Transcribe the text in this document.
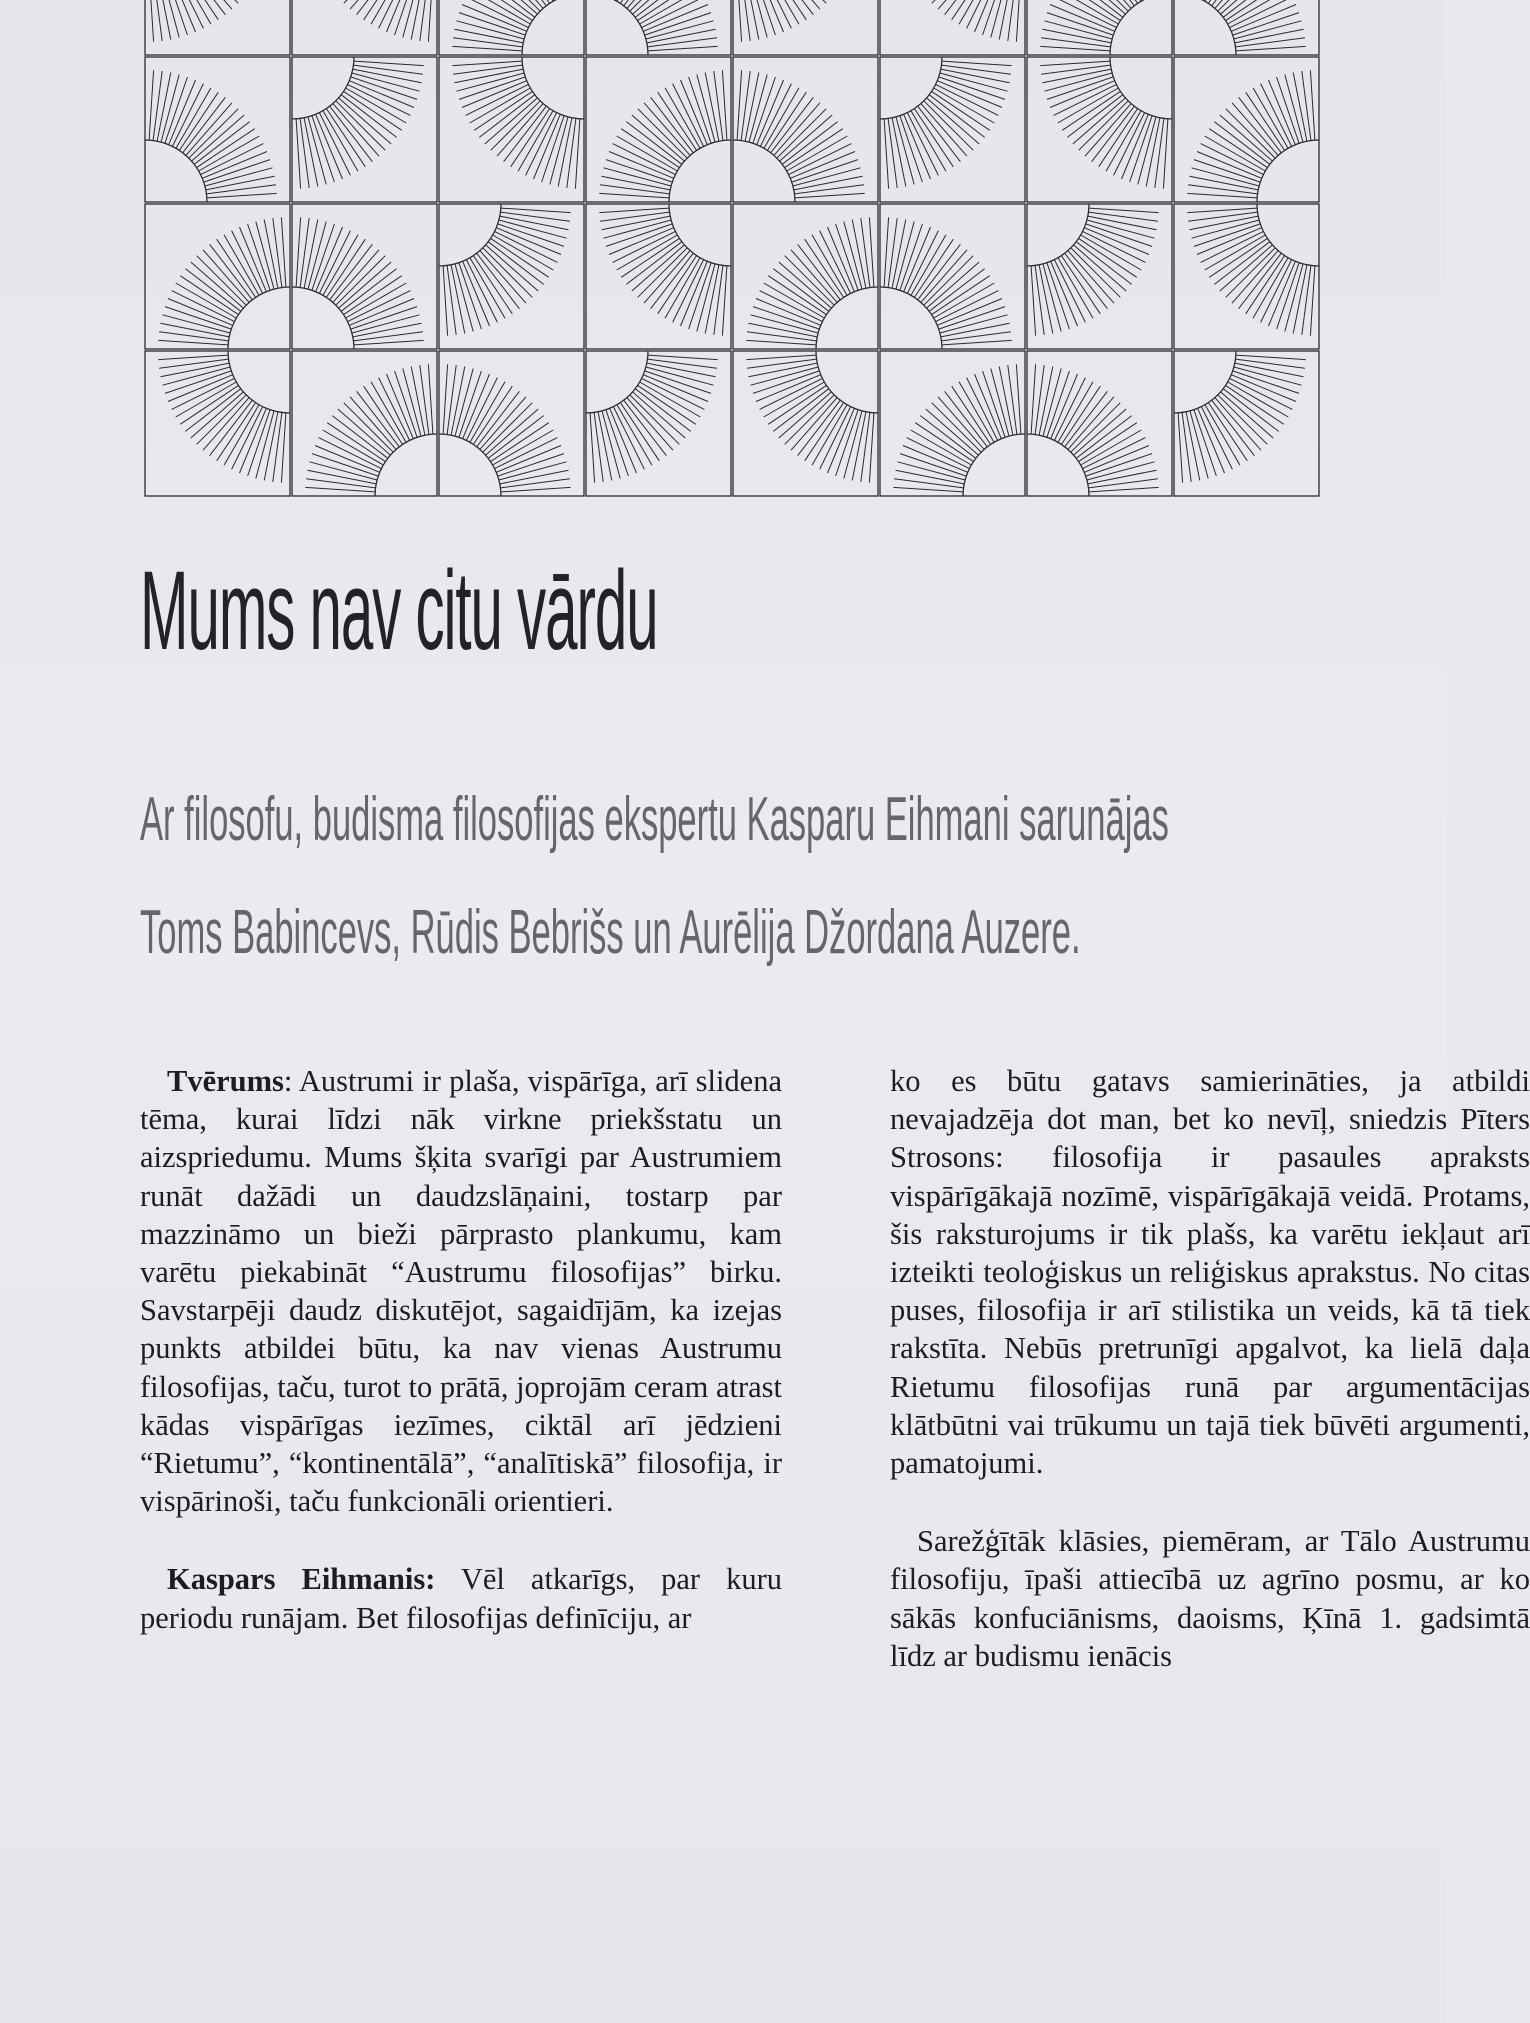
Mums nav citu vārdu
Ar filosofu, budisma filosofijas ekspertu Kasparu Eihmani sarunājas
Toms Babincevs, Rūdis Bebrišs un Aurēlija Džordana Auzere.

Tvērums: Austrumi ir plaša, vispārīga, arī slidena tēma, kurai līdzi nāk virkne priekšstatu un aizspriedumu. Mums šķita svarīgi par Austrumiem runāt dažādi un daudzslāņaini, tostarp par mazzināmo un bieži pārprasto plankumu, kam varētu piekabināt “Austrumu filosofijas” birku. Savstarpēji daudz diskutējot, sagaidījām, ka izejas punkts atbildei būtu, ka nav vienas Austrumu filosofijas, taču, turot to prātā, joprojām ceram atrast kādas vispārīgas iezīmes, ciktāl arī jēdzieni “Rietumu”, “kontinentālā”, “analītiskā” filosofija, ir vispārinoši, taču funkcionāli orientieri.

Kaspars Eihmanis: Vēl atkarīgs, par kuru periodu runājam. Bet filosofijas definīciju, ar

ko es būtu gatavs samierināties, ja atbildi nevajadzēja dot man, bet ko nevīļ, sniedzis Pīters Strosons: filosofija ir pasaules apraksts vispārīgākajā nozīmē, vispārīgākajā veidā. Protams, šis raksturojums ir tik plašs, ka varētu iekļaut arī izteikti teoloģiskus un reliģiskus aprakstus. No citas puses, filosofija ir arī stilistika un veids, kā tā tiek rakstīta. Nebūs pretrunīgi apgalvot, ka lielā daļa Rietumu filosofijas runā par argumentācijas klātbūtni vai trūkumu un tajā tiek būvēti argumenti, pamatojumi.

Sarežģītāk klāsies, piemēram, ar Tālo Austrumu filosofiju, īpaši attiecībā uz agrīno posmu, ar ko sākās konfuciānisms, daoisms, Ķīnā 1. gadsimtā līdz ar budismu ienācis
